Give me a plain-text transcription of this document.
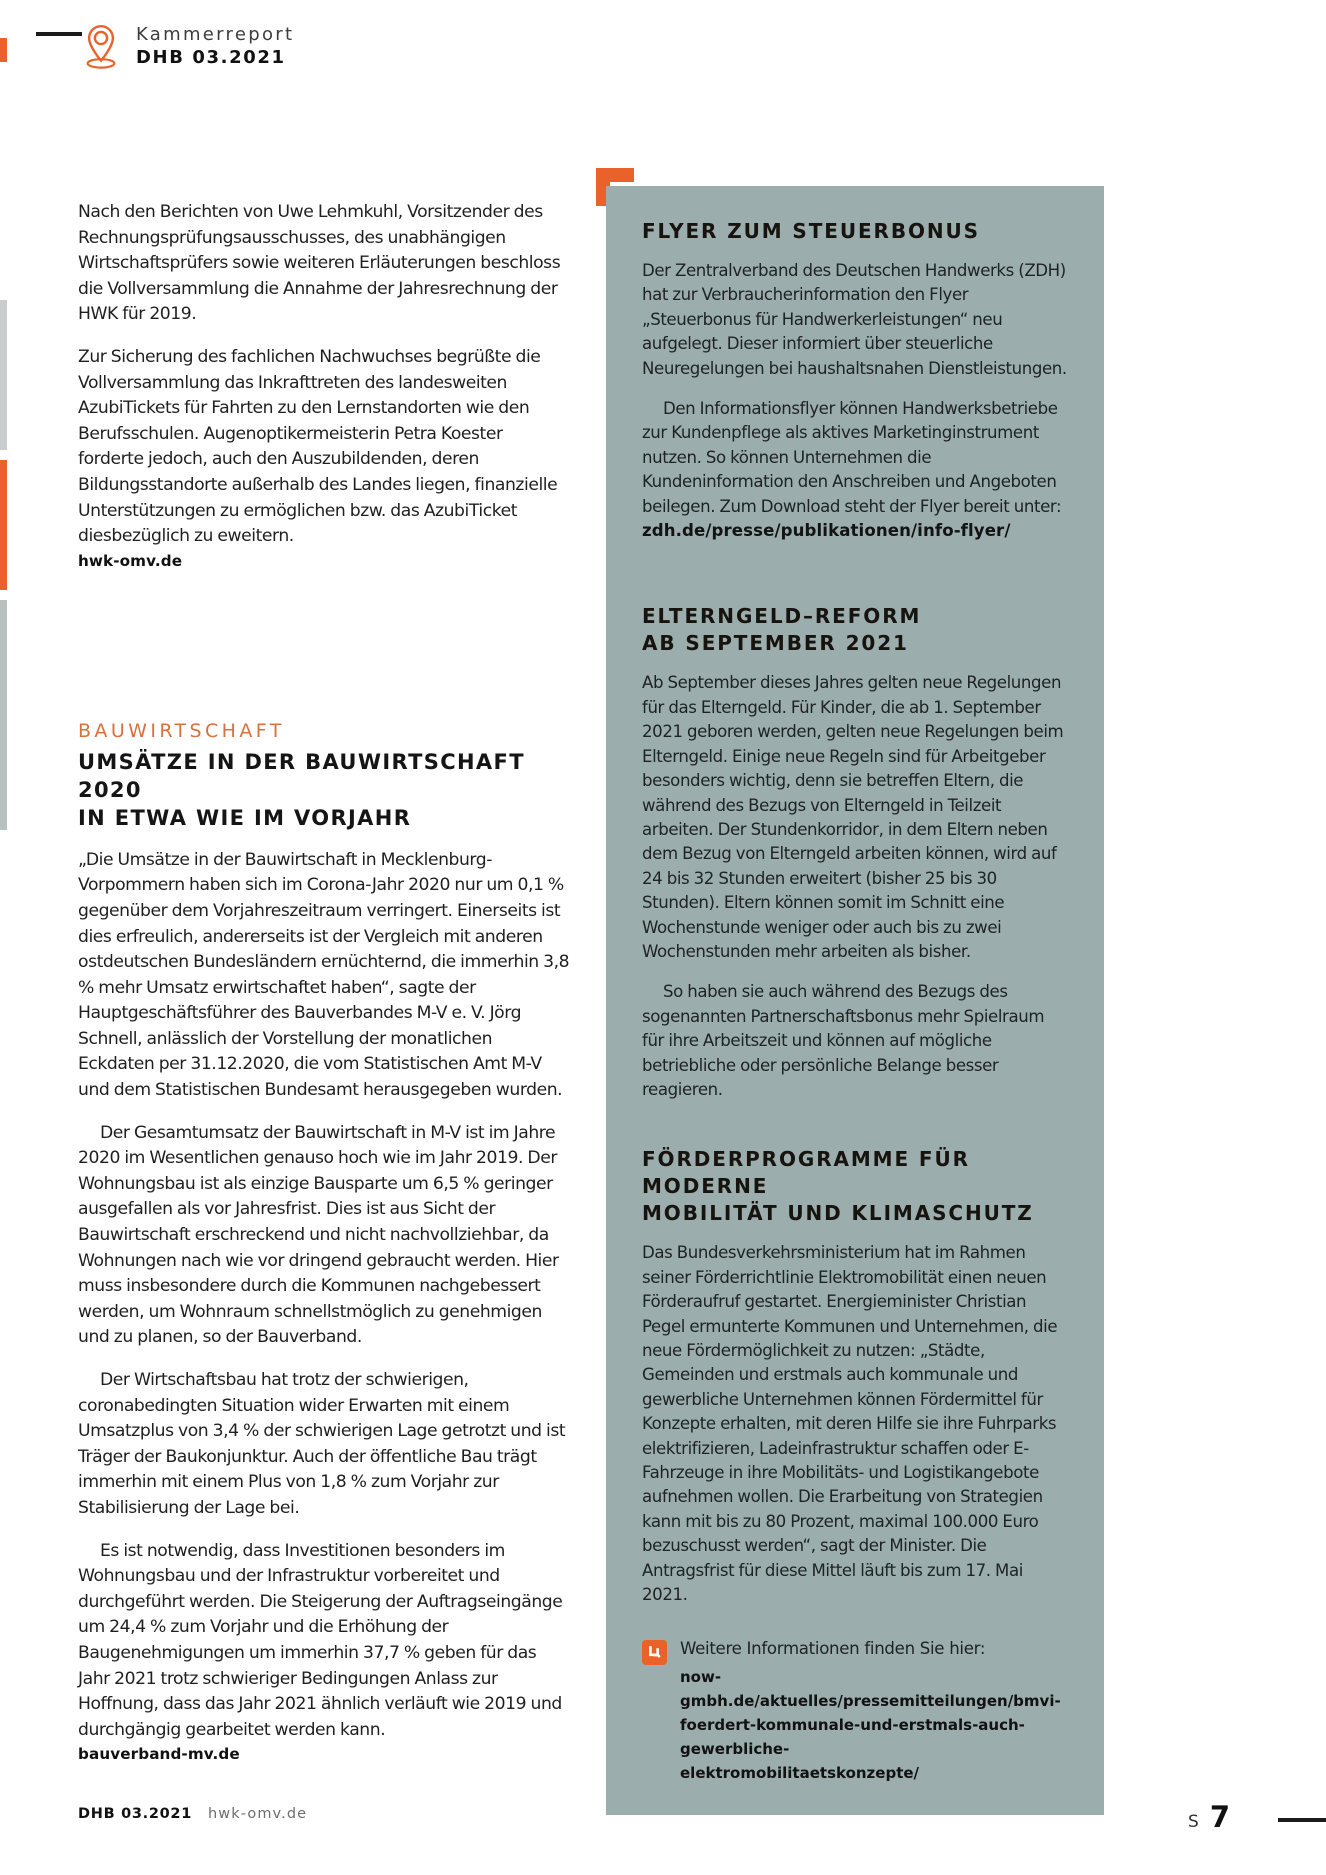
Kammerreport
DHB 03.2021

Nach den Berichten von Uwe Lehmkuhl, Vorsitzender des Rechnungsprüfungsausschusses, des unabhängigen Wirtschaftsprüfers sowie weiteren Erläuterungen beschloss die Vollversammlung die Annahme der Jahresrechnung der HWK für 2019.

Zur Sicherung des fachlichen Nachwuchses begrüßte die Vollversammlung das Inkrafttreten des landesweiten AzubiTickets für Fahrten zu den Lernstandorten wie den Berufsschulen. Augenoptikermeisterin Petra Koester forderte jedoch, auch den Auszubildenden, deren Bildungsstandorte außerhalb des Landes liegen, finanzielle Unterstützungen zu ermöglichen bzw. das AzubiTicket diesbezüglich zu eweitern.

hwk-omv.de

BAUWIRTSCHAFT
UMSÄTZE IN DER BAUWIRTSCHAFT 2020
IN ETWA WIE IM VORJAHR

„Die Umsätze in der Bauwirtschaft in Mecklenburg-Vorpommern haben sich im Corona-Jahr 2020 nur um 0,1 % gegenüber dem Vorjahreszeitraum verringert. Einerseits ist dies erfreulich, andererseits ist der Vergleich mit anderen ostdeutschen Bundesländern ernüchternd, die immerhin 3,8 % mehr Umsatz erwirtschaftet haben“, sagte der Hauptgeschäftsführer des Bauverbandes M-V e. V. Jörg Schnell, anlässlich der Vorstellung der monatlichen Eckdaten per 31.12.2020, die vom Statistischen Amt M-V und dem Statistischen Bundesamt herausgegeben wurden.

Der Gesamtumsatz der Bauwirtschaft in M-V ist im Jahre 2020 im Wesentlichen genauso hoch wie im Jahr 2019. Der Wohnungsbau ist als einzige Bausparte um 6,5 % geringer ausgefallen als vor Jahresfrist. Dies ist aus Sicht der Bauwirtschaft erschreckend und nicht nachvollziehbar, da Wohnungen nach wie vor dringend gebraucht werden. Hier muss insbesondere durch die Kommunen nachgebessert werden, um Wohnraum schnellstmöglich zu genehmigen und zu planen, so der Bauverband.

Der Wirtschaftsbau hat trotz der schwierigen, coronabedingten Situation wider Erwarten mit einem Umsatzplus von 3,4 % der schwierigen Lage getrotzt und ist Träger der Baukonjunktur. Auch der öffentliche Bau trägt immerhin mit einem Plus von 1,8 % zum Vorjahr zur Stabilisierung der Lage bei.

Es ist notwendig, dass Investitionen besonders im Wohnungsbau und der Infrastruktur vorbereitet und durchgeführt werden. Die Steigerung der Auftragseingänge um 24,4 % zum Vorjahr und die Erhöhung der Baugenehmigungen um immerhin 37,7 % geben für das Jahr 2021 trotz schwieriger Bedingungen Anlass zur Hoffnung, dass das Jahr 2021 ähnlich verläuft wie 2019 und durchgängig gearbeitet werden kann.

bauverband-mv.de

FLYER ZUM STEUERBONUS

Der Zentralverband des Deutschen Handwerks (ZDH) hat zur Verbraucherinformation den Flyer „Steuerbonus für Handwerkerleistungen“ neu aufgelegt. Dieser informiert über steuerliche Neuregelungen bei haushaltsnahen Dienstleistungen.

Den Informationsflyer können Handwerksbetriebe zur Kundenpflege als aktives Marketinginstrument nutzen. So können Unternehmen die Kundeninformation den Anschreiben und Angeboten beilegen. Zum Download steht der Flyer bereit unter: zdh.de/presse/publikationen/info-flyer/

ELTERNGELD–REFORM
AB SEPTEMBER 2021

Ab September dieses Jahres gelten neue Regelungen für das Elterngeld. Für Kinder, die ab 1. September 2021 geboren werden, gelten neue Regelungen beim Elterngeld. Einige neue Regeln sind für Arbeitgeber besonders wichtig, denn sie betreffen Eltern, die während des Bezugs von Elterngeld in Teilzeit arbeiten. Der Stundenkorridor, in dem Eltern neben dem Bezug von Elterngeld arbeiten können, wird auf 24 bis 32 Stunden erweitert (bisher 25 bis 30 Stunden). Eltern können somit im Schnitt eine Wochenstunde weniger oder auch bis zu zwei Wochenstunden mehr arbeiten als bisher.

So haben sie auch während des Bezugs des sogenannten Partnerschaftsbonus mehr Spielraum für ihre Arbeitszeit und können auf mögliche betriebliche oder persönliche Belange besser reagieren.

FÖRDERPROGRAMME FÜR MODERNE
MOBILITÄT UND KLIMASCHUTZ

Das Bundesverkehrsministerium hat im Rahmen seiner Förderrichtlinie Elektromobilität einen neuen Förderaufruf gestartet. Energieminister Christian Pegel ermunterte Kommunen und Unternehmen, die neue Fördermöglichkeit zu nutzen: „Städte, Gemeinden und erstmals auch kommunale und gewerbliche Unternehmen können Fördermittel für Konzepte erhalten, mit deren Hilfe sie ihre Fuhrparks elektrifizieren, Ladeinfrastruktur schaffen oder E-Fahrzeuge in ihre Mobilitäts- und Logistikangebote aufnehmen wollen. Die Erarbeitung von Strategien kann mit bis zu 80 Prozent, maximal 100.000 Euro bezuschusst werden“, sagt der Minister. Die Antragsfrist für diese Mittel läuft bis zum 17. Mai 2021.

Weitere Informationen finden Sie hier:
now-gmbh.de/aktuelles/pressemitteilungen/bmvi-
foerdert-kommunale-und-erstmals-auch-gewerbliche-
elektromobilitaetskonzepte/
DHB 03.2021 hwk-omv.de	S 7
